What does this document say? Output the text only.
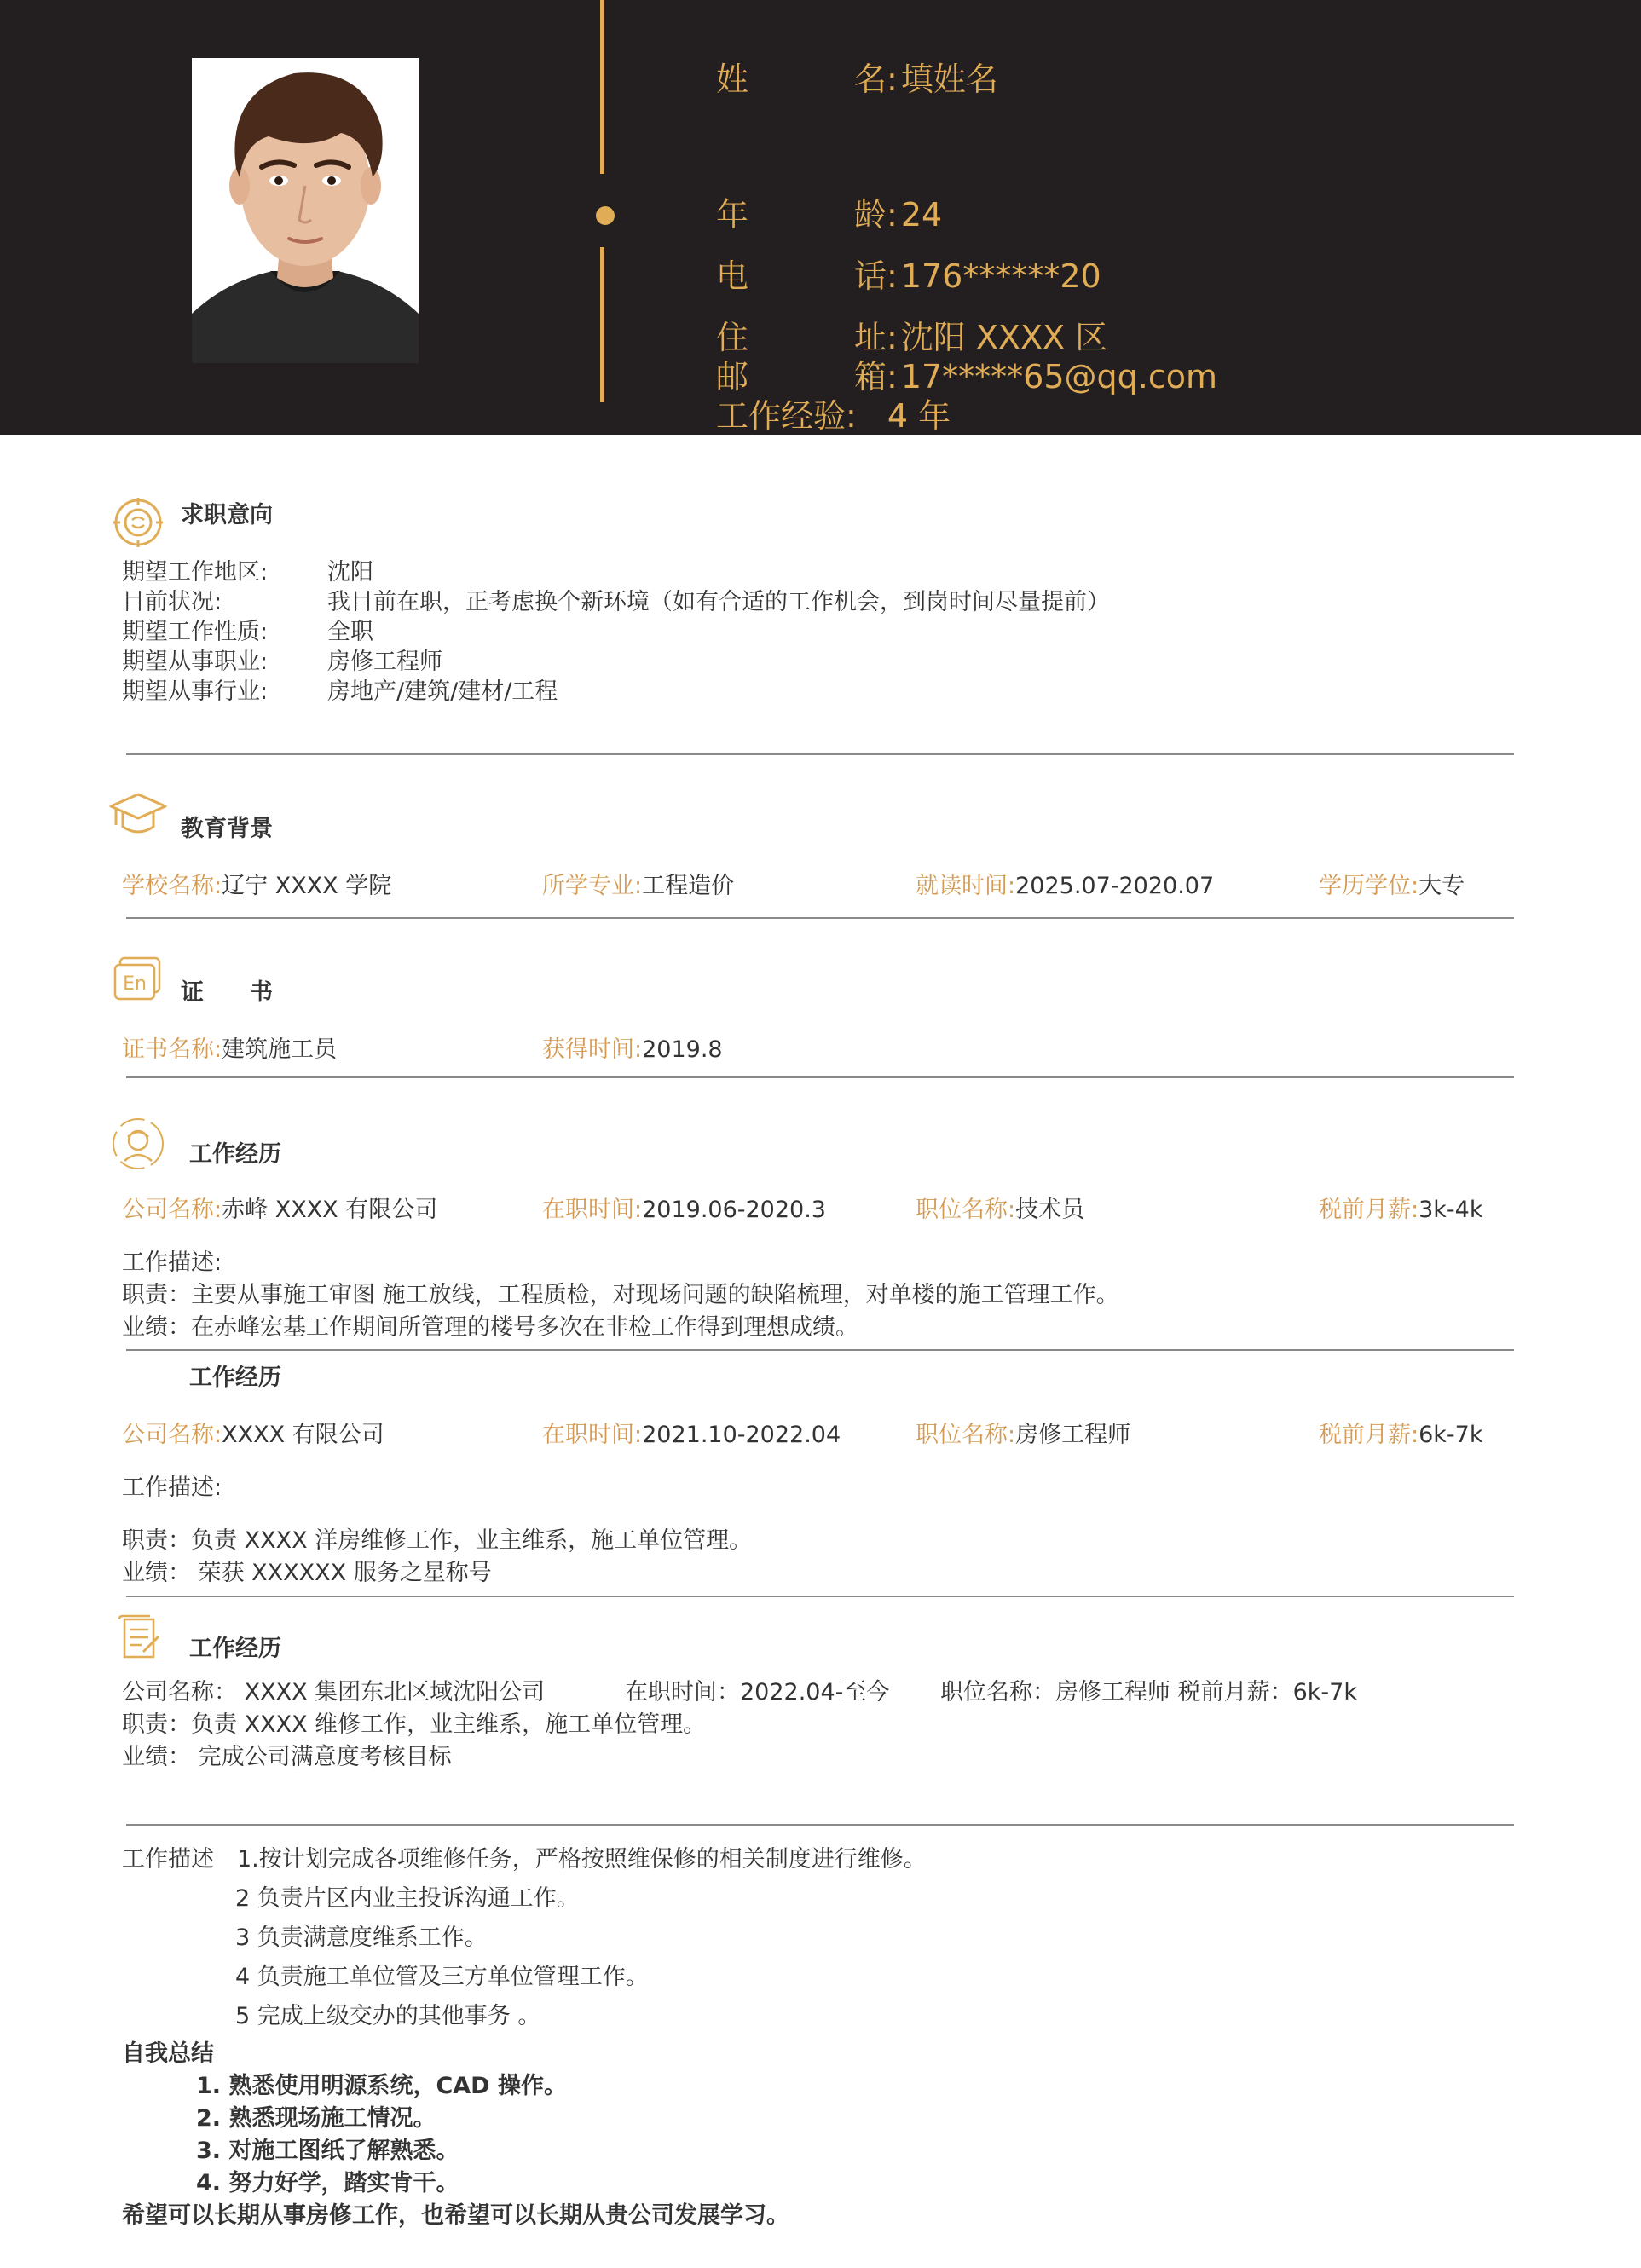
姓名: 填姓名
年龄: 24
电话: 176******20
住址: 沈阳 XXXX 区
邮箱: 17*****65@qq.com
工作经验: 4 年
求职意向
期望工作地区:	沈阳
目前状况:	我目前在职，正考虑换个新环境（如有合适的工作机会，到岗时间尽量提前）
期望工作性质:	全职
期望从事职业:	房修工程师
期望从事行业:	房地产/建筑/建材/工程
教育背景
学校名称:辽宁 XXXX 学院	所学专业:工程造价	就读时间:2025.07-2020.07	学历学位:大专
En 证　　书
证书名称:建筑施工员	获得时间:2019.8
工作经历
公司名称:赤峰 XXXX 有限公司	在职时间:2019.06-2020.3	职位名称:技术员	税前月薪:3k-4k
工作描述:
职责：主要从事施工审图 施工放线，工程质检，对现场问题的缺陷梳理，对单楼的施工管理工作。
业绩：在赤峰宏基工作期间所管理的楼号多次在非检工作得到理想成绩。
工作经历
公司名称:XXXX 有限公司	在职时间:2021.10-2022.04	职位名称:房修工程师	税前月薪:6k-7k
工作描述:
职责：负责 XXXX 洋房维修工作，业主维系，施工单位管理。
业绩： 荣获 XXXXXX 服务之星称号
工作经历
公司名称： XXXX 集团东北区域沈阳公司	在职时间：2022.04-至今 职位名称：房修工程师 税前月薪：6k-7k
职责：负责 XXXX 维修工作，业主维系，施工单位管理。
业绩： 完成公司满意度考核目标
工作描述 1.按计划完成各项维修任务，严格按照维保修的相关制度进行维修。
2 负责片区内业主投诉沟通工作。
3 负责满意度维系工作。
4 负责施工单位管及三方单位管理工作。
5 完成上级交办的其他事务 。
自我总结
1. 熟悉使用明源系统，CAD 操作。
2. 熟悉现场施工情况。
3. 对施工图纸了解熟悉。
4. 努力好学，踏实肯干。
希望可以长期从事房修工作，也希望可以长期从贵公司发展学习。
